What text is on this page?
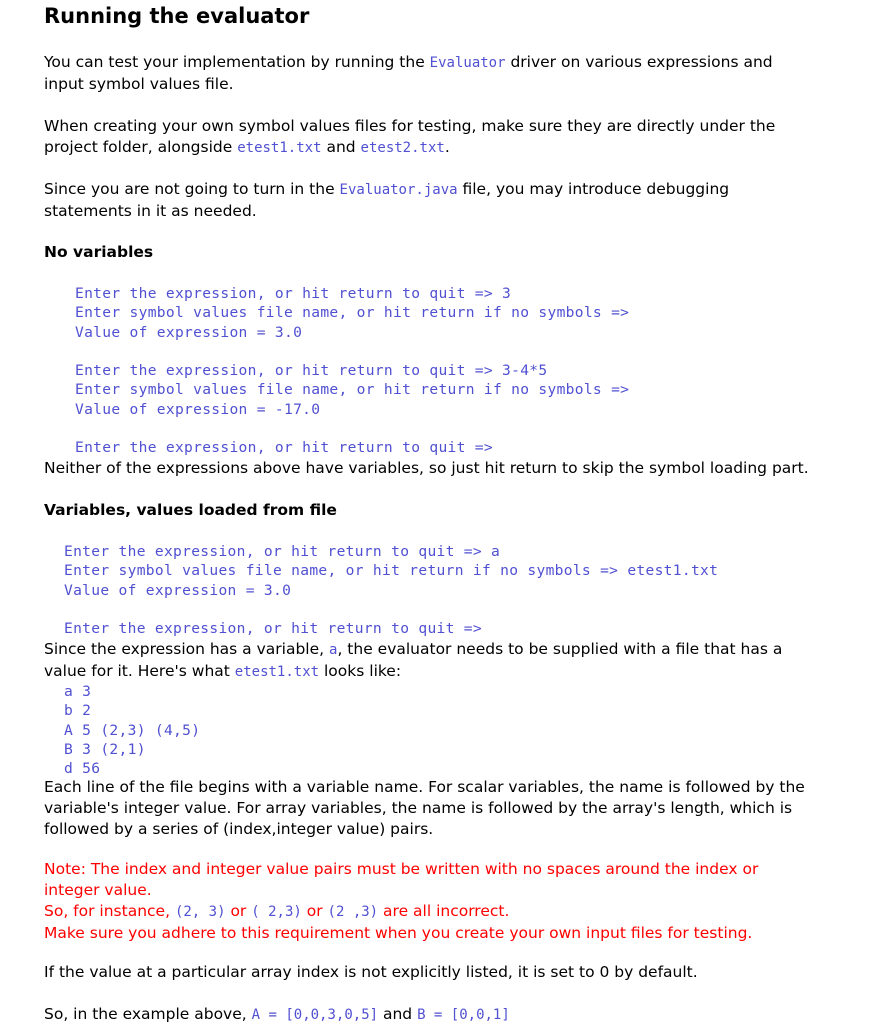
Running the evaluator
You can test your implementation by running the Evaluator driver on various expressions and
input symbol values file.
When creating your own symbol values files for testing, make sure they are directly under the
project folder, alongside etest1.txt and etest2.txt.
Since you are not going to turn in the Evaluator.java file, you may introduce debugging
statements in it as needed.
No variables
Enter the expression, or hit return to quit => 3
Enter symbol values file name, or hit return if no symbols =>
Value of expression = 3.0
Enter the expression, or hit return to quit => 3-4*5
Enter symbol values file name, or hit return if no symbols =>
Value of expression = -17.0
Enter the expression, or hit return to quit =>
Neither of the expressions above have variables, so just hit return to skip the symbol loading part.
Variables, values loaded from file
Enter the expression, or hit return to quit => a
Enter symbol values file name, or hit return if no symbols => etest1.txt
Value of expression = 3.0
Enter the expression, or hit return to quit =>
Since the expression has a variable, a, the evaluator needs to be supplied with a file that has a
value for it. Here's what etest1.txt looks like:
a 3
b 2
A 5 (2,3) (4,5)
B 3 (2,1)
d 56
Each line of the file begins with a variable name. For scalar variables, the name is followed by the
variable's integer value. For array variables, the name is followed by the array's length, which is
followed by a series of (index,integer value) pairs.
Note: The index and integer value pairs must be written with no spaces around the index or
integer value.
So, for instance, (2, 3) or ( 2,3) or (2 ,3) are all incorrect.
Make sure you adhere to this requirement when you create your own input files for testing.
If the value at a particular array index is not explicitly listed, it is set to 0 by default.
So, in the example above, A = [0,0,3,0,5] and B = [0,0,1]
